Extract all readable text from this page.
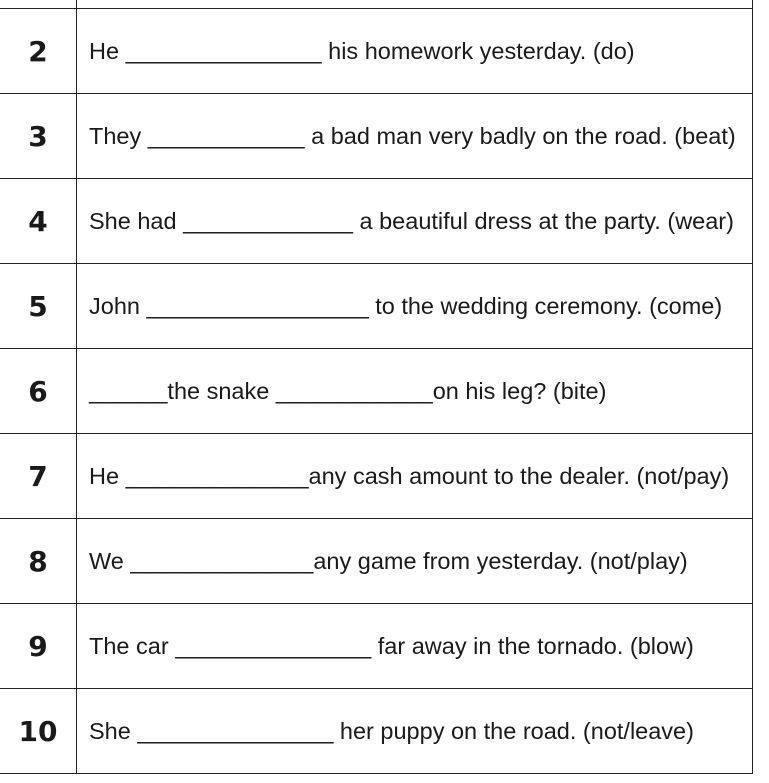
2	He _______________ his homework yesterday. (do)
3	They ____________ a bad man very badly on the road. (beat)
4	She had _____________ a beautiful dress at the party. (wear)
5	John _________________ to the wedding ceremony. (come)
6	______the snake ____________on his leg? (bite)
7	He ______________any cash amount to the dealer. (not/pay)
8	We ______________any game from yesterday. (not/play)
9	The car _______________ far away in the tornado. (blow)
10	She _______________ her puppy on the road. (not/leave)
